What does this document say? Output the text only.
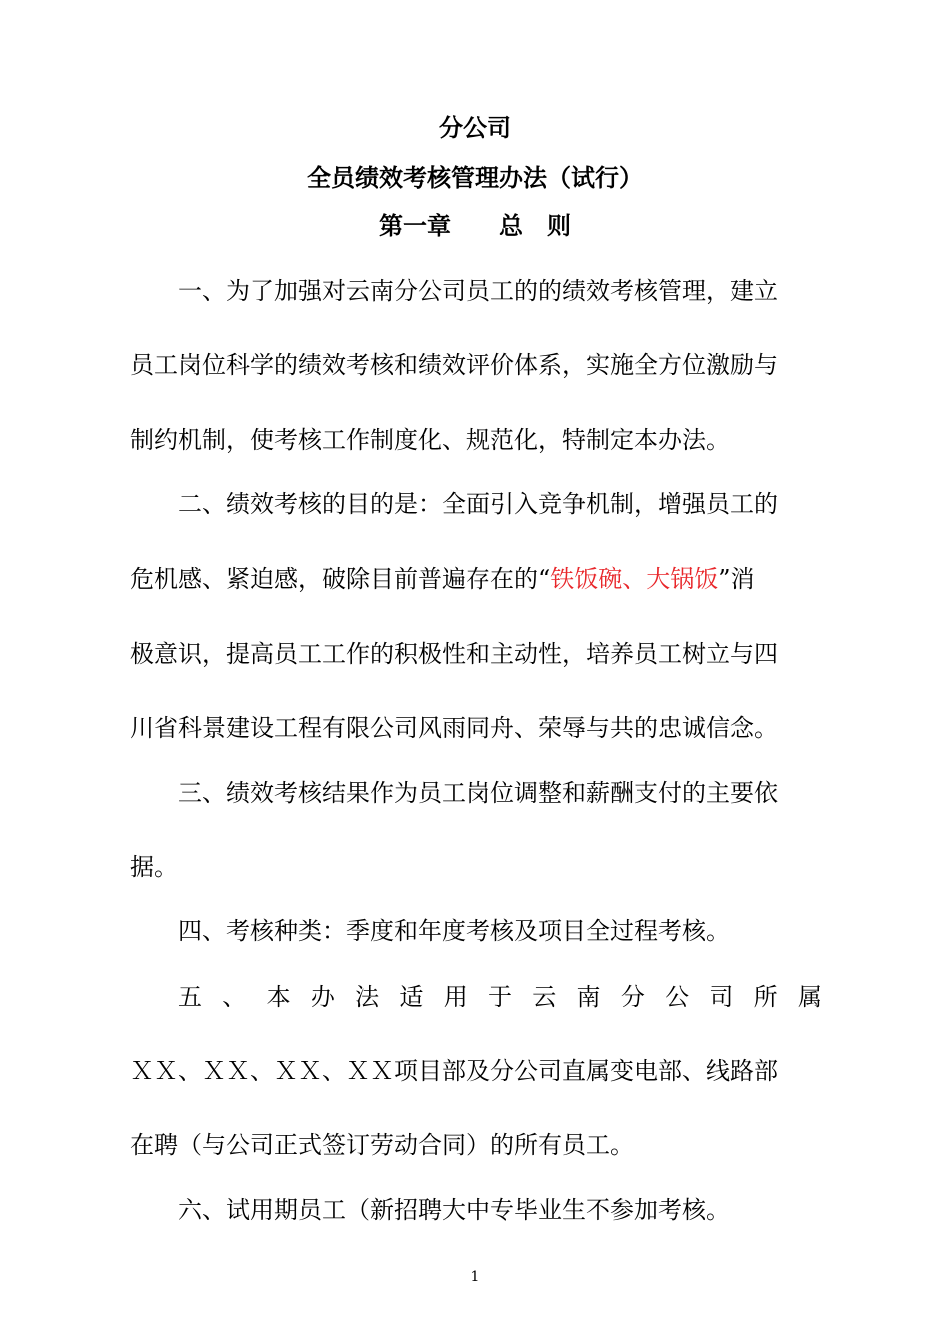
分公司
全员绩效考核管理办法（试行）
第一章　　总　则

一、为了加强对云南分公司员工的的绩效考核管理，建立

员工岗位科学的绩效考核和绩效评价体系，实施全方位激励与

制约机制，使考核工作制度化、规范化，特制定本办法。

二、绩效考核的目的是：全面引入竞争机制，增强员工的

危机感、紧迫感，破除目前普遍存在的“铁饭碗、大锅饭”消

极意识，提高员工工作的积极性和主动性，培养员工树立与四

川省科景建设工程有限公司风雨同舟、荣辱与共的忠诚信念。

三、绩效考核结果作为员工岗位调整和薪酬支付的主要依

据。

四、考核种类：季度和年度考核及项目全过程考核。

五 、 本 办 法 适 用 于 云 南 分 公 司 所 属

ＸＸ、ＸＸ、ＸＸ、ＸＸ项目部及分公司直属变电部、线路部

在聘（与公司正式签订劳动合同）的所有员工。

六、试用期员工（新招聘大中专毕业生不参加考核。

1
